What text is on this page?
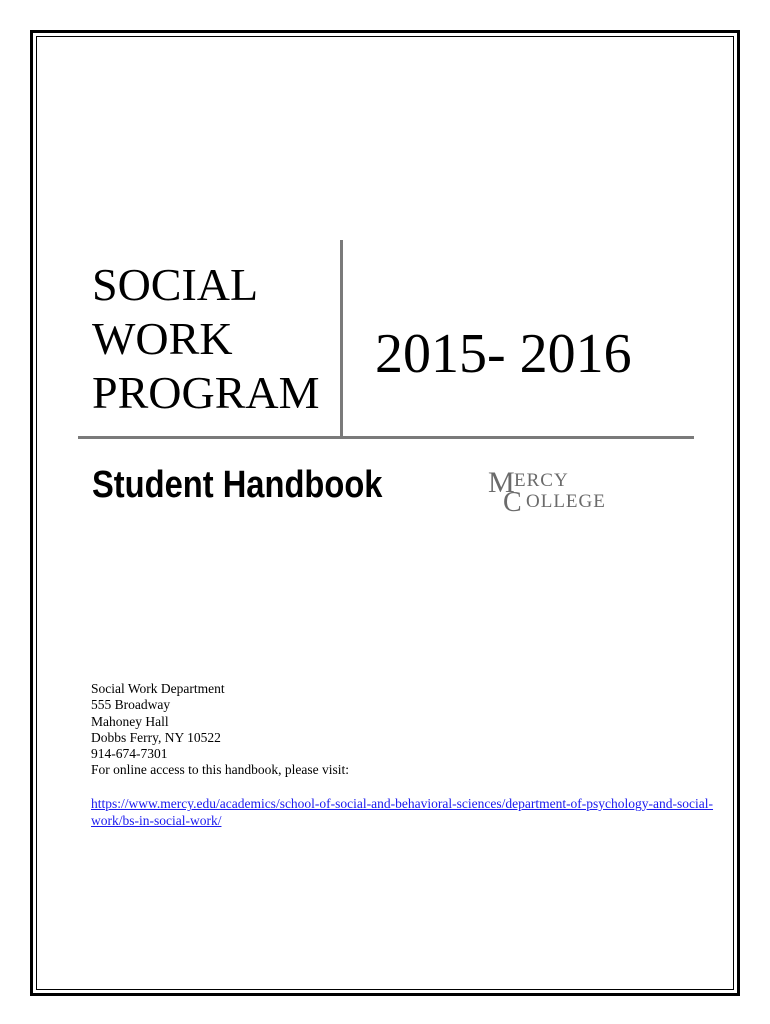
SOCIAL
WORK
PROGRAM
2015- 2016
Student Handbook	M ERCY
C OLLEGE
Social Work Department
555 Broadway
Mahoney Hall
Dobbs Ferry, NY 10522
914-674-7301
For online access to this handbook, please visit:
https://www.mercy.edu/academics/school-of-social-and-behavioral-sciences/department-of-psychology-and-social-
work/bs-in-social-work/
